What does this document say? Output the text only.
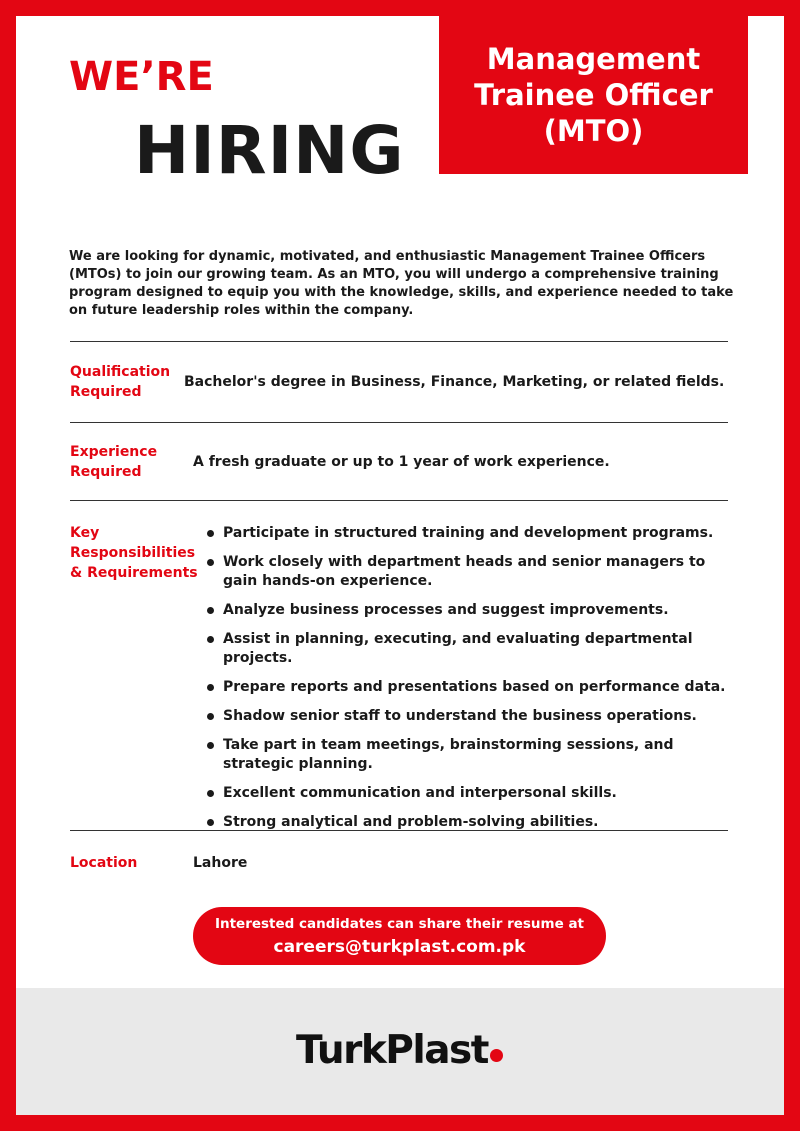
WE’RE
HIRING
Management
Trainee Officer
(MTO)

We are looking for dynamic, motivated, and enthusiastic Management Trainee Officers (MTOs) to join our growing team. As an MTO, you will undergo a comprehensive training program designed to equip you with the knowledge, skills, and experience needed to take on future leadership roles within the company.

Qualification
Required
Bachelor's degree in Business, Finance, Marketing, or related fields.
Experience
Required
A fresh graduate or up to 1 year of work experience.
Key
Responsibilities
& Requirements
Participate in structured training and development programs.
Work closely with department heads and senior managers to gain hands-on experience.
Analyze business processes and suggest improvements.
Assist in planning, executing, and evaluating departmental projects.
Prepare reports and presentations based on performance data.
Shadow senior staff to understand the business operations.
Take part in team meetings, brainstorming sessions, and strategic planning.
Excellent communication and interpersonal skills.
Strong analytical and problem-solving abilities.
Location	Lahore
Interested candidates can share their resume at
careers@turkplast.com.pk
TurkPlast
